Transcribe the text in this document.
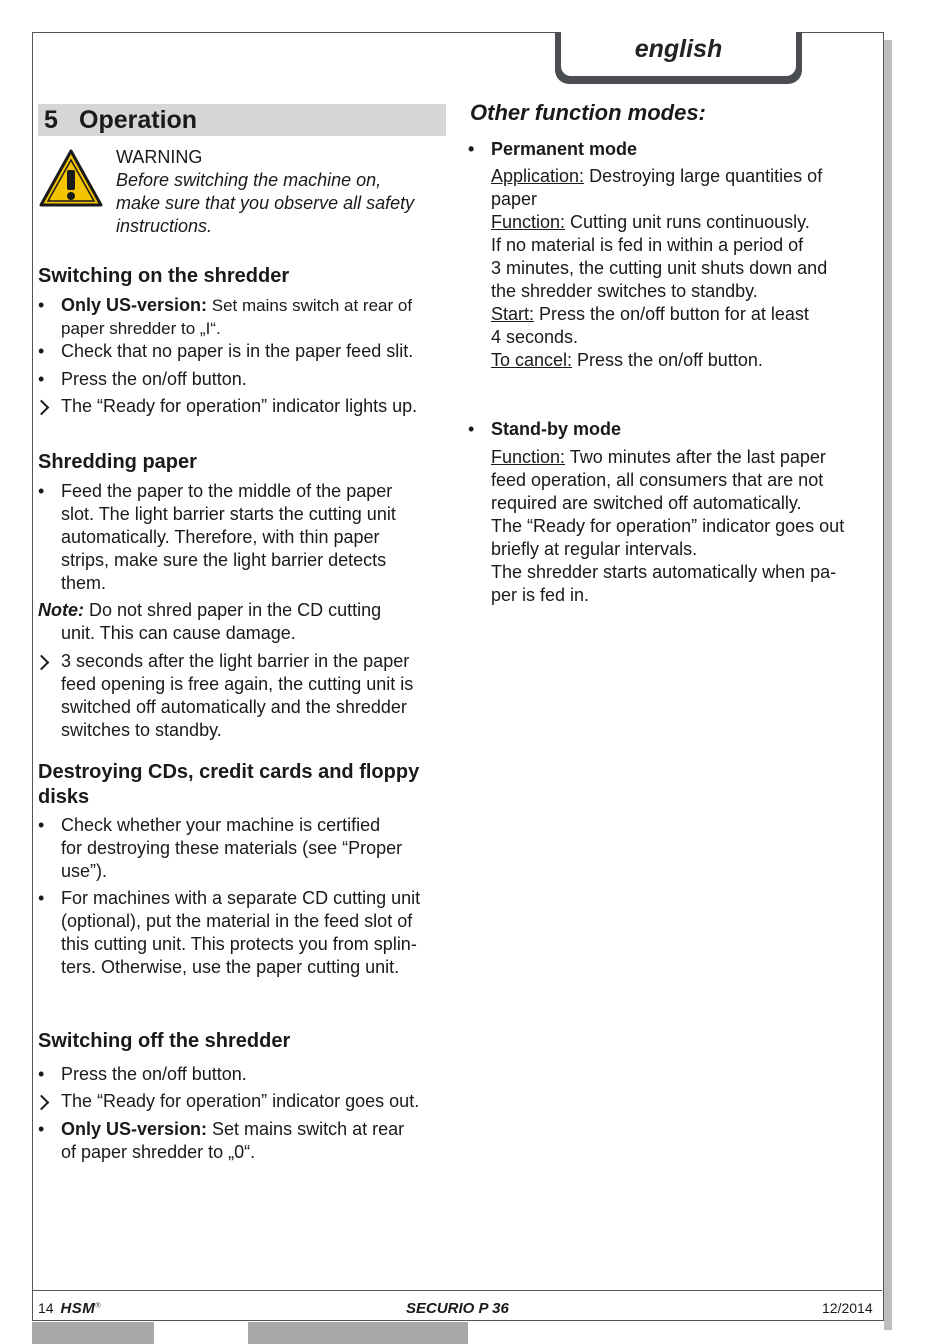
english
5 Operation
WARNING
Before switching the machine on,
make sure that you observe all safety
instructions.
Switching on the shredder
• Only US-version: Set mains switch at rear of
paper shredder to „I“.
• Check that no paper is in the paper feed slit.
• Press the on/off button.
The “Ready for operation” indicator lights up.
Shredding paper
• Feed the paper to the middle of the paper
slot. The light barrier starts the cutting unit
automatically. Therefore, with thin paper
strips, make sure the light barrier detects
them.
Note: Do not shred paper in the CD cutting
unit. This can cause damage.
3 seconds after the light barrier in the paper
feed opening is free again, the cutting unit is
switched off automatically and the shredder
switches to standby.
Destroying CDs, credit cards and floppy
disks
• Check whether your machine is certified
for destroying these materials (see “Proper
use”).
• For machines with a separate CD cutting unit
(optional), put the material in the feed slot of
this cutting unit. This protects you from splin-
ters. Otherwise, use the paper cutting unit.
Switching off the shredder
• Press the on/off button.
The “Ready for operation” indicator goes out.
• Only US-version: Set mains switch at rear
of paper shredder to „0“.
Other function modes:
• Permanent mode
Application: Destroying large quantities of
paper
Function: Cutting unit runs continuously.
If no material is fed in within a period of
3 minutes, the cutting unit shuts down and
the shredder switches to standby.
Start: Press the on/off button for at least
4 seconds.
To cancel: Press the on/off button.
• Stand-by mode
Function: Two minutes after the last paper
feed operation, all consumers that are not
required are switched off automatically.
The “Ready for operation” indicator goes out
briefly at regular intervals.
The shredder starts automatically when pa-
per is fed in.
14 HSM®	SECURIO P 36	12/2014
